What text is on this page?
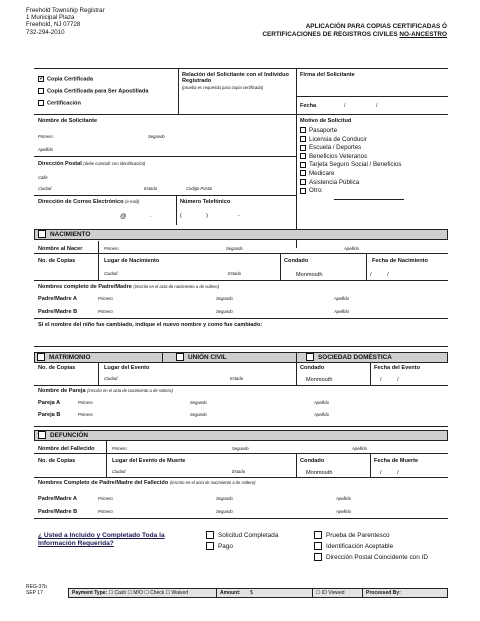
Freehold Township Registrar
1 Municipal Plaza
Freehold, NJ 07728
732-294-2010
APLICACIÓN PARA COPIAS CERTIFICADAS Ó
CERTIFICACIONES DE REGISTROS CIVILES NO-ANCESTRO
✓ Copia Certificada
Copia Certificada para Ser Apostillada
Certificación
Relación del Solicitante con el Individuo Registrado
(prueba es requerida para copia certificada)
Firma del Solicitante
Fecha	/	/
Nombre de Solicitante
Primero	Segundo
Apellido
Dirección Postal (debe coincidir con identificación)
Calle
Ciudad	Estado	Codigo Postal
Dirección de Correo Electrónico (e-mail)
@	.
Número Telefónico
(	)	-
Motivo de Solicitud
Pasaporte
Licensia de Conducir
Escuela / Deportes
Beneficios Veteranos
Tarjeta Seguro Social / Beneficios
Medicare
Asistencia Pública
Otro:
NACIMIENTO
Nombre al Nacer	Primero	Segundo	Apellido
No. de Copias	Lugar de Nacimiento
Ciudad	Estado
Condado
Monmouth
Fecha de Nacimiento
/          /
Nombres completo de Padre/Madre (inscrito en el acta de nacimiento a de soltero)
Padre/Madre A	Primero	Segundo	Apellido
Padre/Madre B	Primero	Segundo	Apellido
Si el nombre del niño fue cambiado, indique el nuevo nombre y como fue cambiado:
MATRIMONIO	UNIÓN CIVIL	SOCIEDAD DOMÉSTICA
No. de Copias	Lugar del Evento
Ciudad	Estado
Condado
Monmouth
Fecha del Evento
/          /
Nombre de Pareja (inscrito en el acta de nacimiento a de soltero)
Pareja A	Primero	Segundo	Apellido
Pareja B	Primero	Segundo	Apellido
DEFUNCIÓN
Nombre del Fallecido	Primero	Segundo	Apellido
No. de Copias	Lugar del Evento de Muerte
Ciudad	Estado
Condado
Monmouth
Fecha de Muerte
/          /
Nombres Completo de Padre/Madre del Fallecido (inscrito en el acta de nacimiento a de soltero)
Padre/Madre A	Primero	Segundo	Apellido
Padre/Madre B	Primero	Segundo	Apellido
¿ Usted a Incluido y Completado Toda la
Información Requerida?
Solicitud Completada
Pago
Prueba de Parentesco
Identificación Aceptable
Dirección Postal Coincidente con ID
REG-37b
SEP 17	Payment Type: ☐ Cash ☐ M/O ☐ Check ☐ Waived	Amount: $	☐ ID Viewed	Processed By:
